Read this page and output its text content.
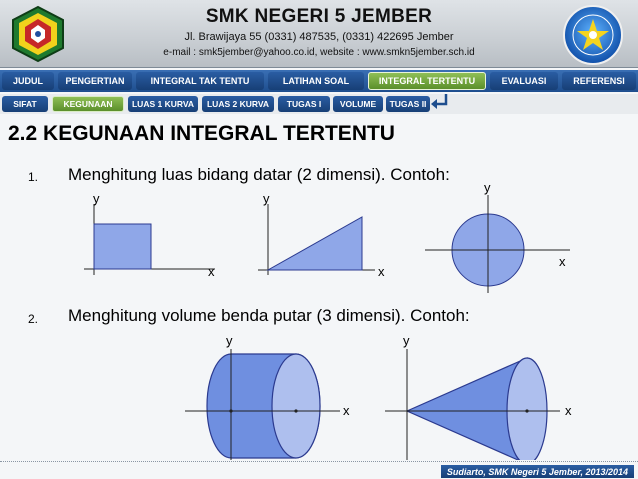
SMK NEGERI 5 JEMBER
Jl. Brawijaya 55 (0331) 487535, (0331) 422695 Jember
e-mail : smk5jember@yahoo.co.id, website : www.smkn5jember.sch.id
JUDUL	PENGERTIAN	INTEGRAL TAK TENTU	LATIHAN SOAL	INTEGRAL TERTENTU	EVALUASI	REFERENSI
SIFAT	KEGUNAAN	LUAS 1 KURVA	LUAS 2 KURVA	TUGAS I	VOLUME	TUGAS II
2.2 KEGUNAAN INTEGRAL TERTENTU
1. Menghitung luas bidang datar (2 dimensi). Contoh:
2. Menghitung volume benda putar (3 dimensi). Contoh:
y
x
y
x
y
x
y
x
y
x
Sudiarto, SMK Negeri 5 Jember, 2013/2014
